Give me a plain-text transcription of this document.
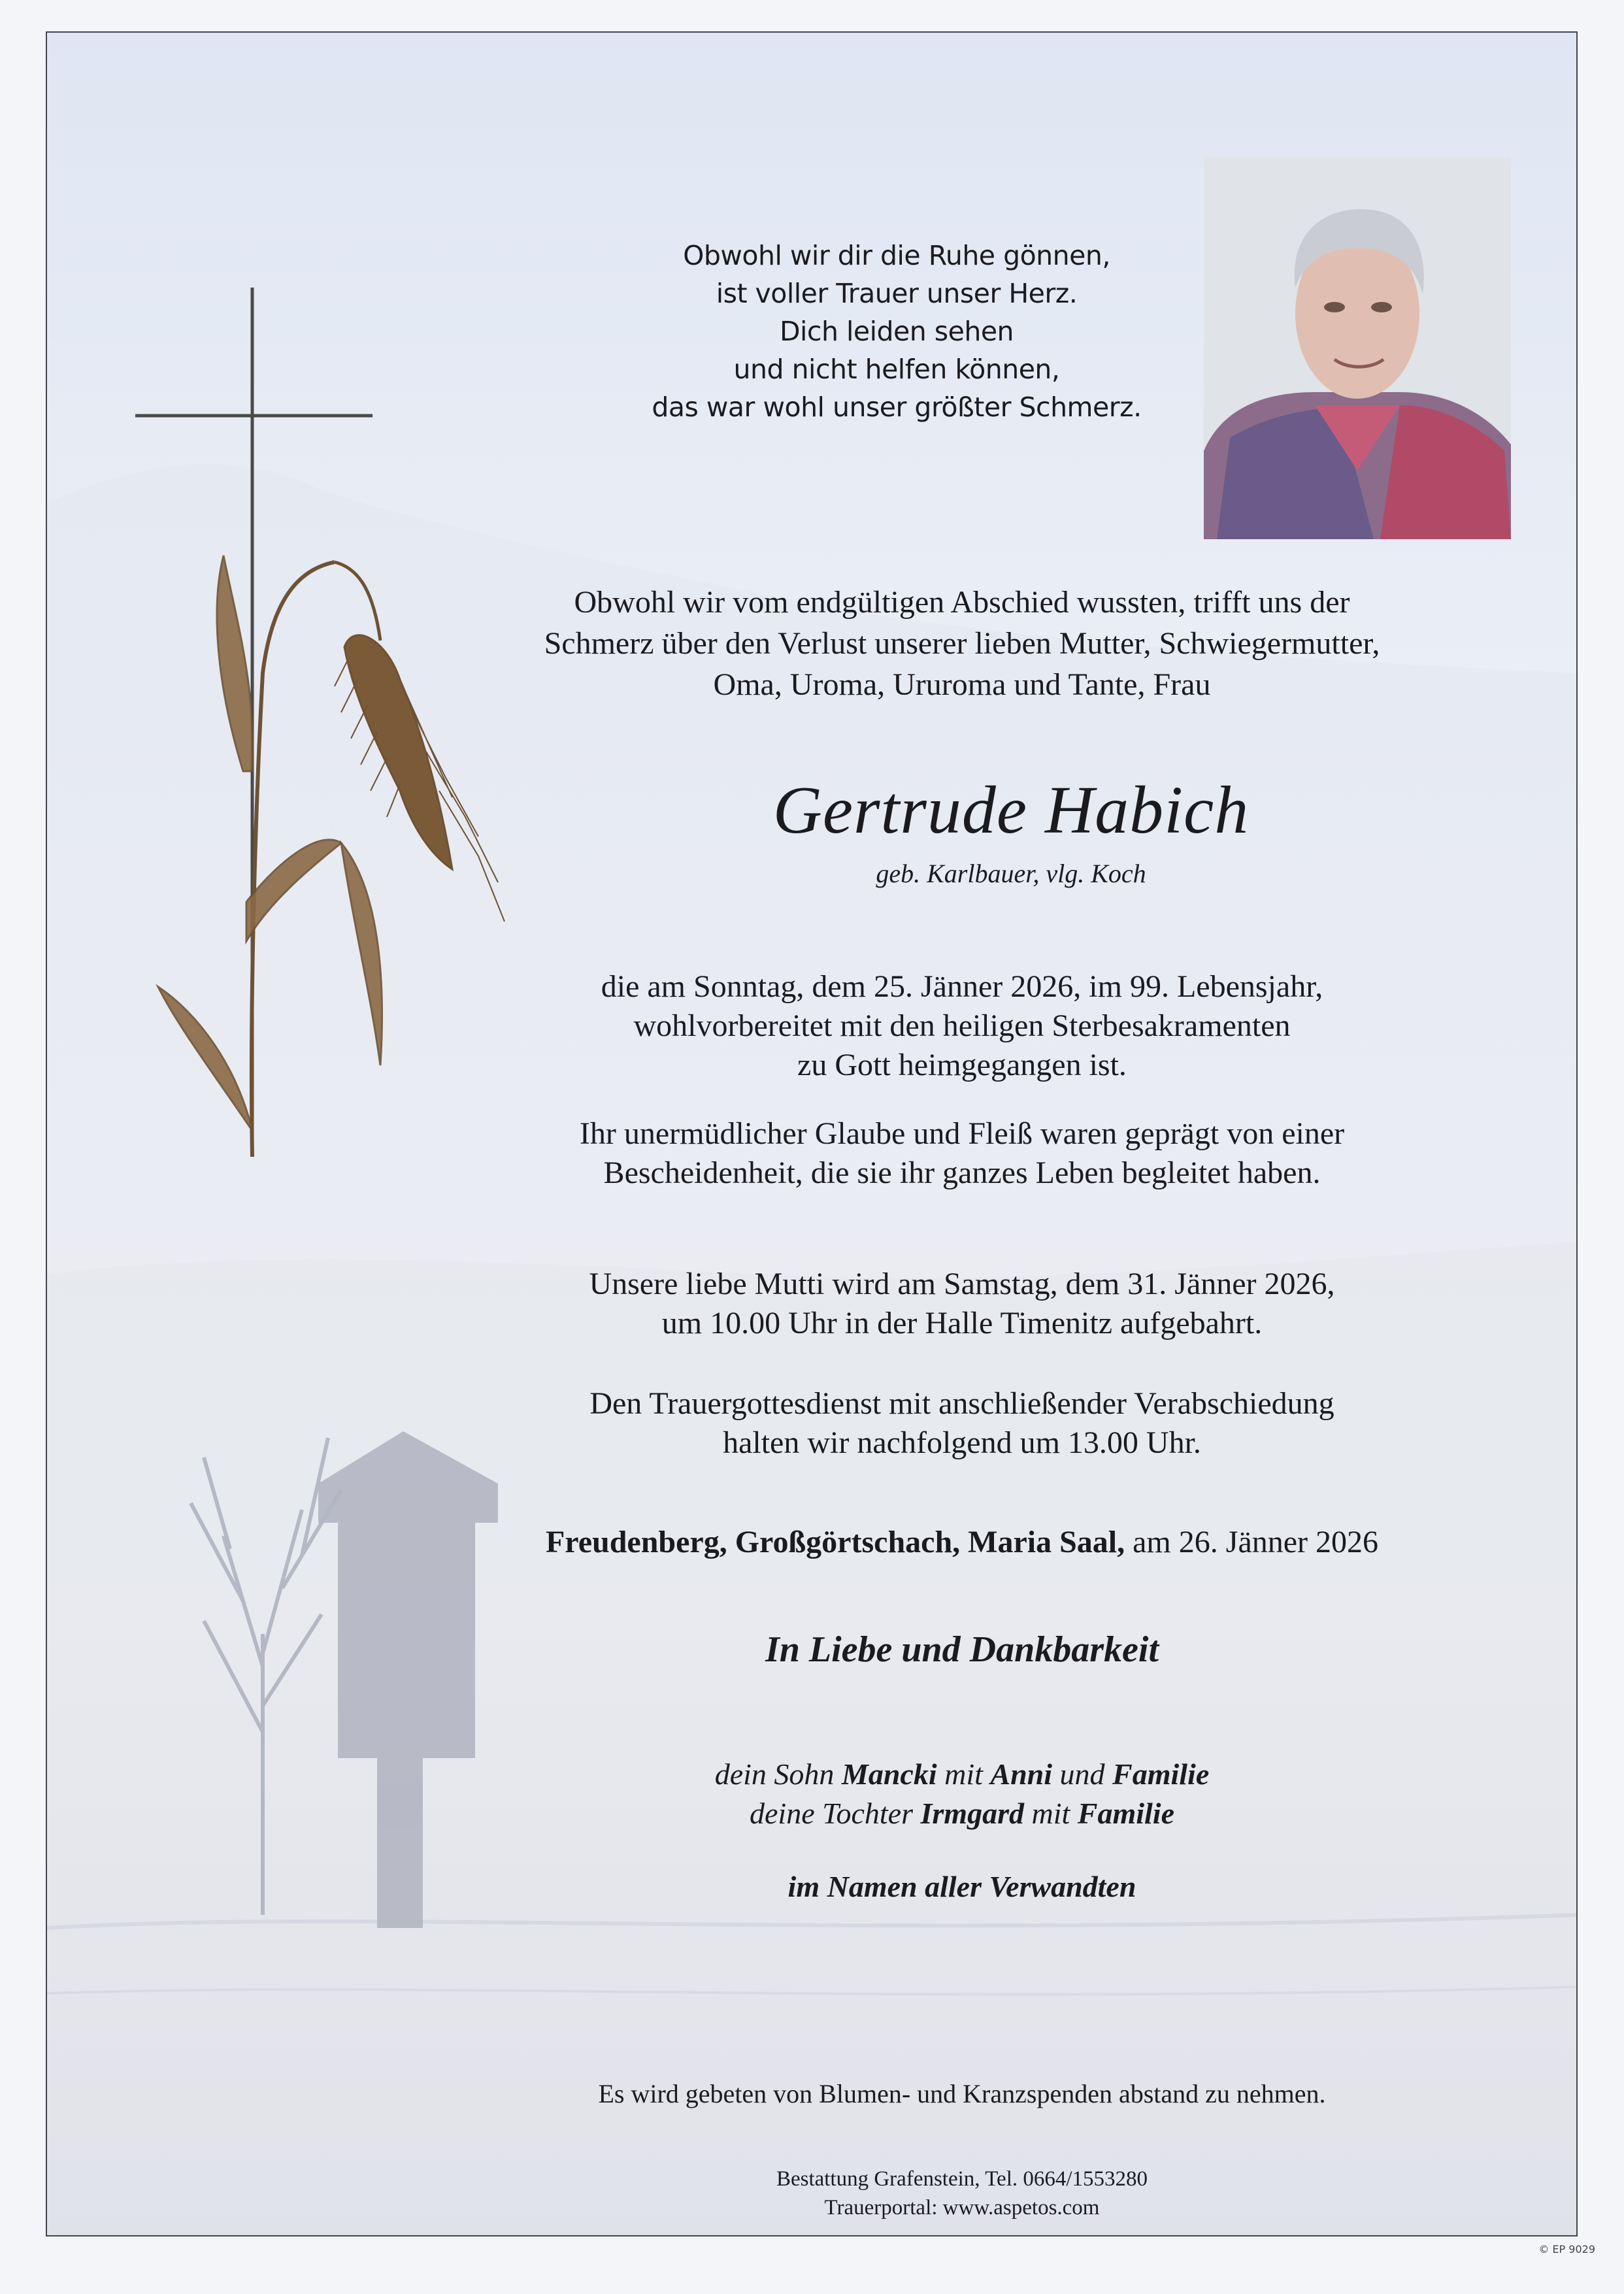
Obwohl wir dir die Ruhe gönnen,
ist voller Trauer unser Herz.
Dich leiden sehen
und nicht helfen können,
das war wohl unser größter Schmerz.
Obwohl wir vom endgültigen Abschied wussten, trifft uns der
Schmerz über den Verlust unserer lieben Mutter, Schwiegermutter,
Oma, Uroma, Ururoma und Tante, Frau
Gertrude Habich
geb. Karlbauer, vlg. Koch
die am Sonntag, dem 25. Jänner 2026, im 99. Lebensjahr,
wohlvorbereitet mit den heiligen Sterbesakramenten
zu Gott heimgegangen ist.
Ihr unermüdlicher Glaube und Fleiß waren geprägt von einer
Bescheidenheit, die sie ihr ganzes Leben begleitet haben.
Unsere liebe Mutti wird am Samstag, dem 31. Jänner 2026,
um 10.00 Uhr in der Halle Timenitz aufgebahrt.
Den Trauergottesdienst mit anschließender Verabschiedung
halten wir nachfolgend um 13.00 Uhr.
Freudenberg, Großgörtschach, Maria Saal, am 26. Jänner 2026
In Liebe und Dankbarkeit
dein Sohn Mancki mit Anni und Familie
deine Tochter Irmgard mit Familie
im Namen aller Verwandten
Es wird gebeten von Blumen- und Kranzspenden abstand zu nehmen.
Bestattung Grafenstein, Tel. 0664/1553280
Trauerportal: www.aspetos.com
© EP 9029
